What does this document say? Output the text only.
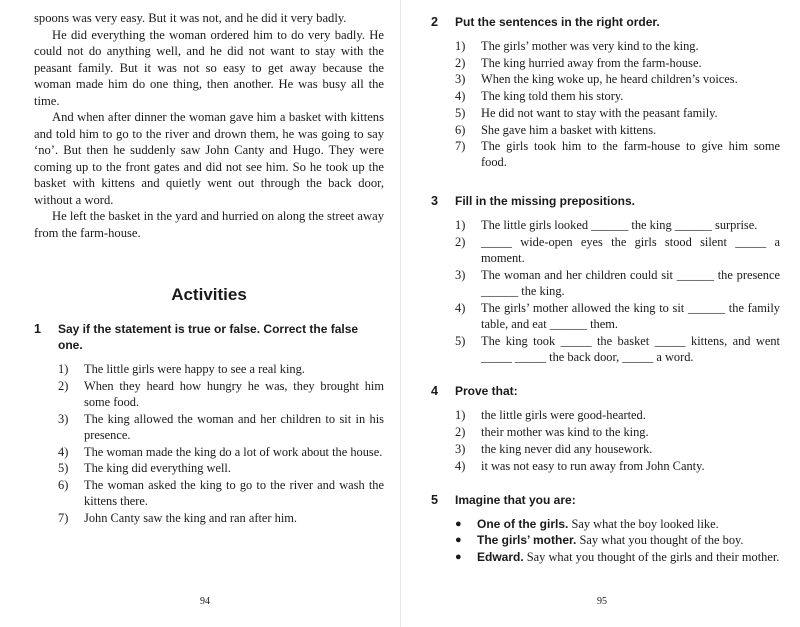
spoons was very easy. But it was not, and he did it very badly.

He did everything the woman ordered him to do very badly. He could not do anything well, and he did not want to stay with the peasant family. But it was not so easy to get away because the woman made him do one thing, then another. He was busy all the time.

And when after dinner the woman gave him a basket with kittens and told him to go to the river and drown them, he was going to say ‘no’. But then he suddenly saw John Canty and Hugo. They were coming up to the front gates and did not see him. So he took up the basket with kittens and quietly went out through the back door, without a word.

He left the basket in the yard and hurried on along the street away from the farm-house.

Activities
1	Say if the statement is true or false. Correct the false one.
1)	The little girls were happy to see a real king.
2)	When they heard how hungry he was, they brought him some food.
3)	The king allowed the woman and her children to sit in his presence.
4)	The woman made the king do a lot of work about the house.
5)	The king did everything well.
6)	The woman asked the king to go to the river and wash the kittens there.
7)	John Canty saw the king and ran after him.
94
2	Put the sentences in the right order.
1)	The girls’ mother was very kind to the king.
2)	The king hurried away from the farm-house.
3)	When the king woke up, he heard children’s voices.
4)	The king told them his story.
5)	He did not want to stay with the peasant family.
6)	She gave him a basket with kittens.
7)	The girls took him to the farm-house to give him some food.
3	Fill in the missing prepositions.
1)	The little girls looked ______ the king ______ surprise.
2)	_____ wide-open eyes the girls stood silent _____ a moment.
3)	The woman and her children could sit ______ the presence ______ the king.
4)	The girls’ mother allowed the king to sit ______ the family table, and eat ______ them.
5)	The king took _____ the basket _____ kittens, and went _____ _____ the back door, _____ a word.
4	Prove that:
1)	the little girls were good-hearted.
2)	their mother was kind to the king.
3)	the king never did any housework.
4)	it was not easy to run away from John Canty.
5	Imagine that you are:
●	One of the girls. Say what the boy looked like.
●	The girls’ mother. Say what you thought of the boy.
●	Edward. Say what you thought of the girls and their mother.
95
